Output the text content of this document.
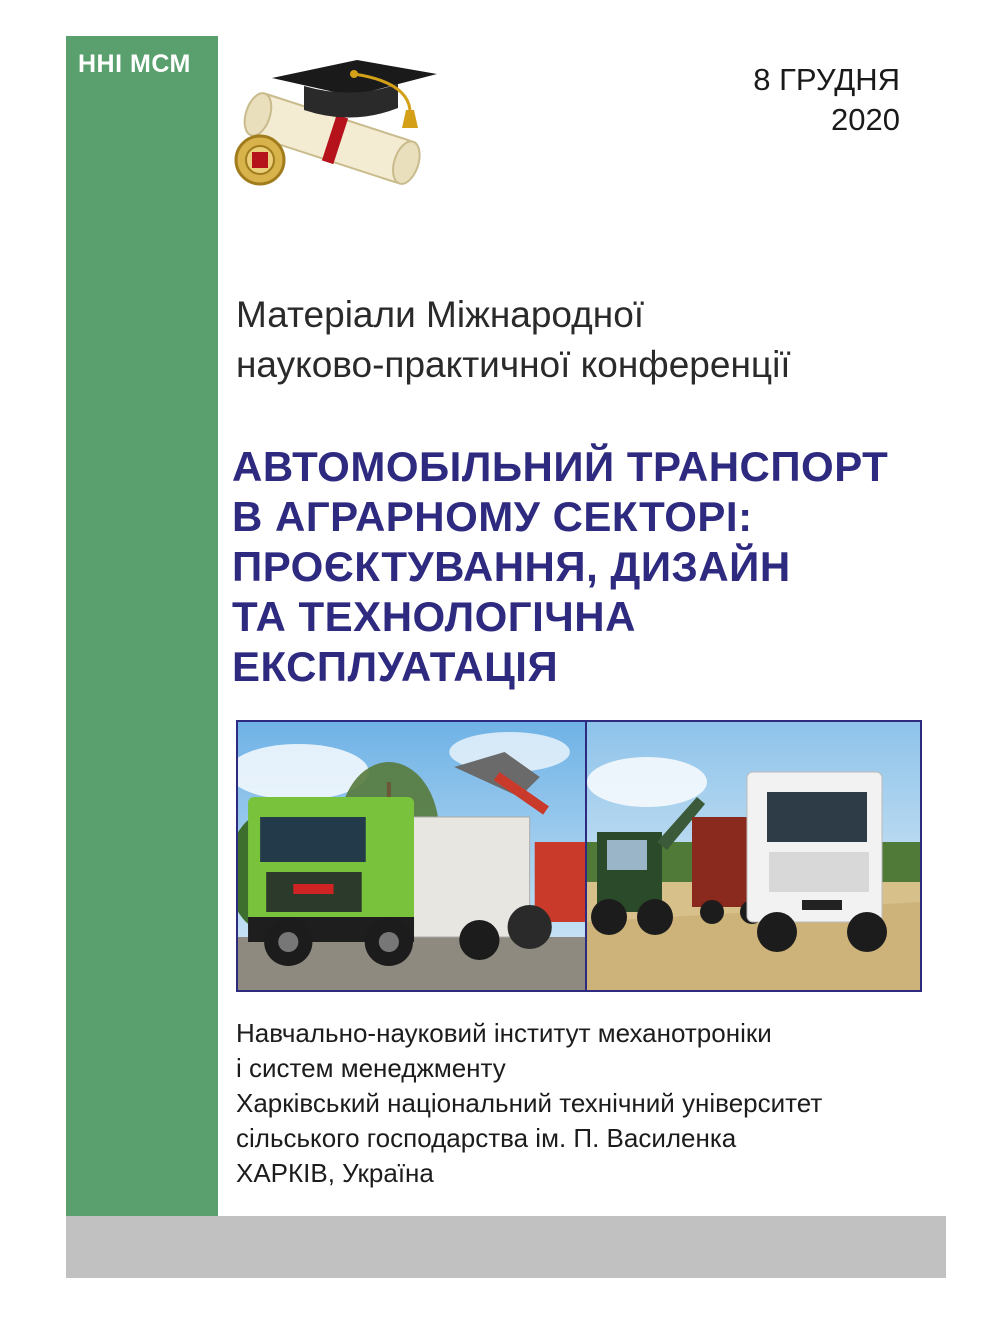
ННІ МСМ	8 ГРУДНЯ
2020
Матеріали Міжнародної
науково-практичної конференції
АВТОМОБІЛЬНИЙ ТРАНСПОРТ
В АГРАРНОМУ СЕКТОРІ:
ПРОЄКТУВАННЯ, ДИЗАЙН
ТА ТЕХНОЛОГІЧНА
ЕКСПЛУАТАЦІЯ
Навчально-науковий інститут механотроніки
і систем менеджменту
Харківський національний технічний університет
сільського господарства ім. П. Василенка
ХАРКІВ, Україна
